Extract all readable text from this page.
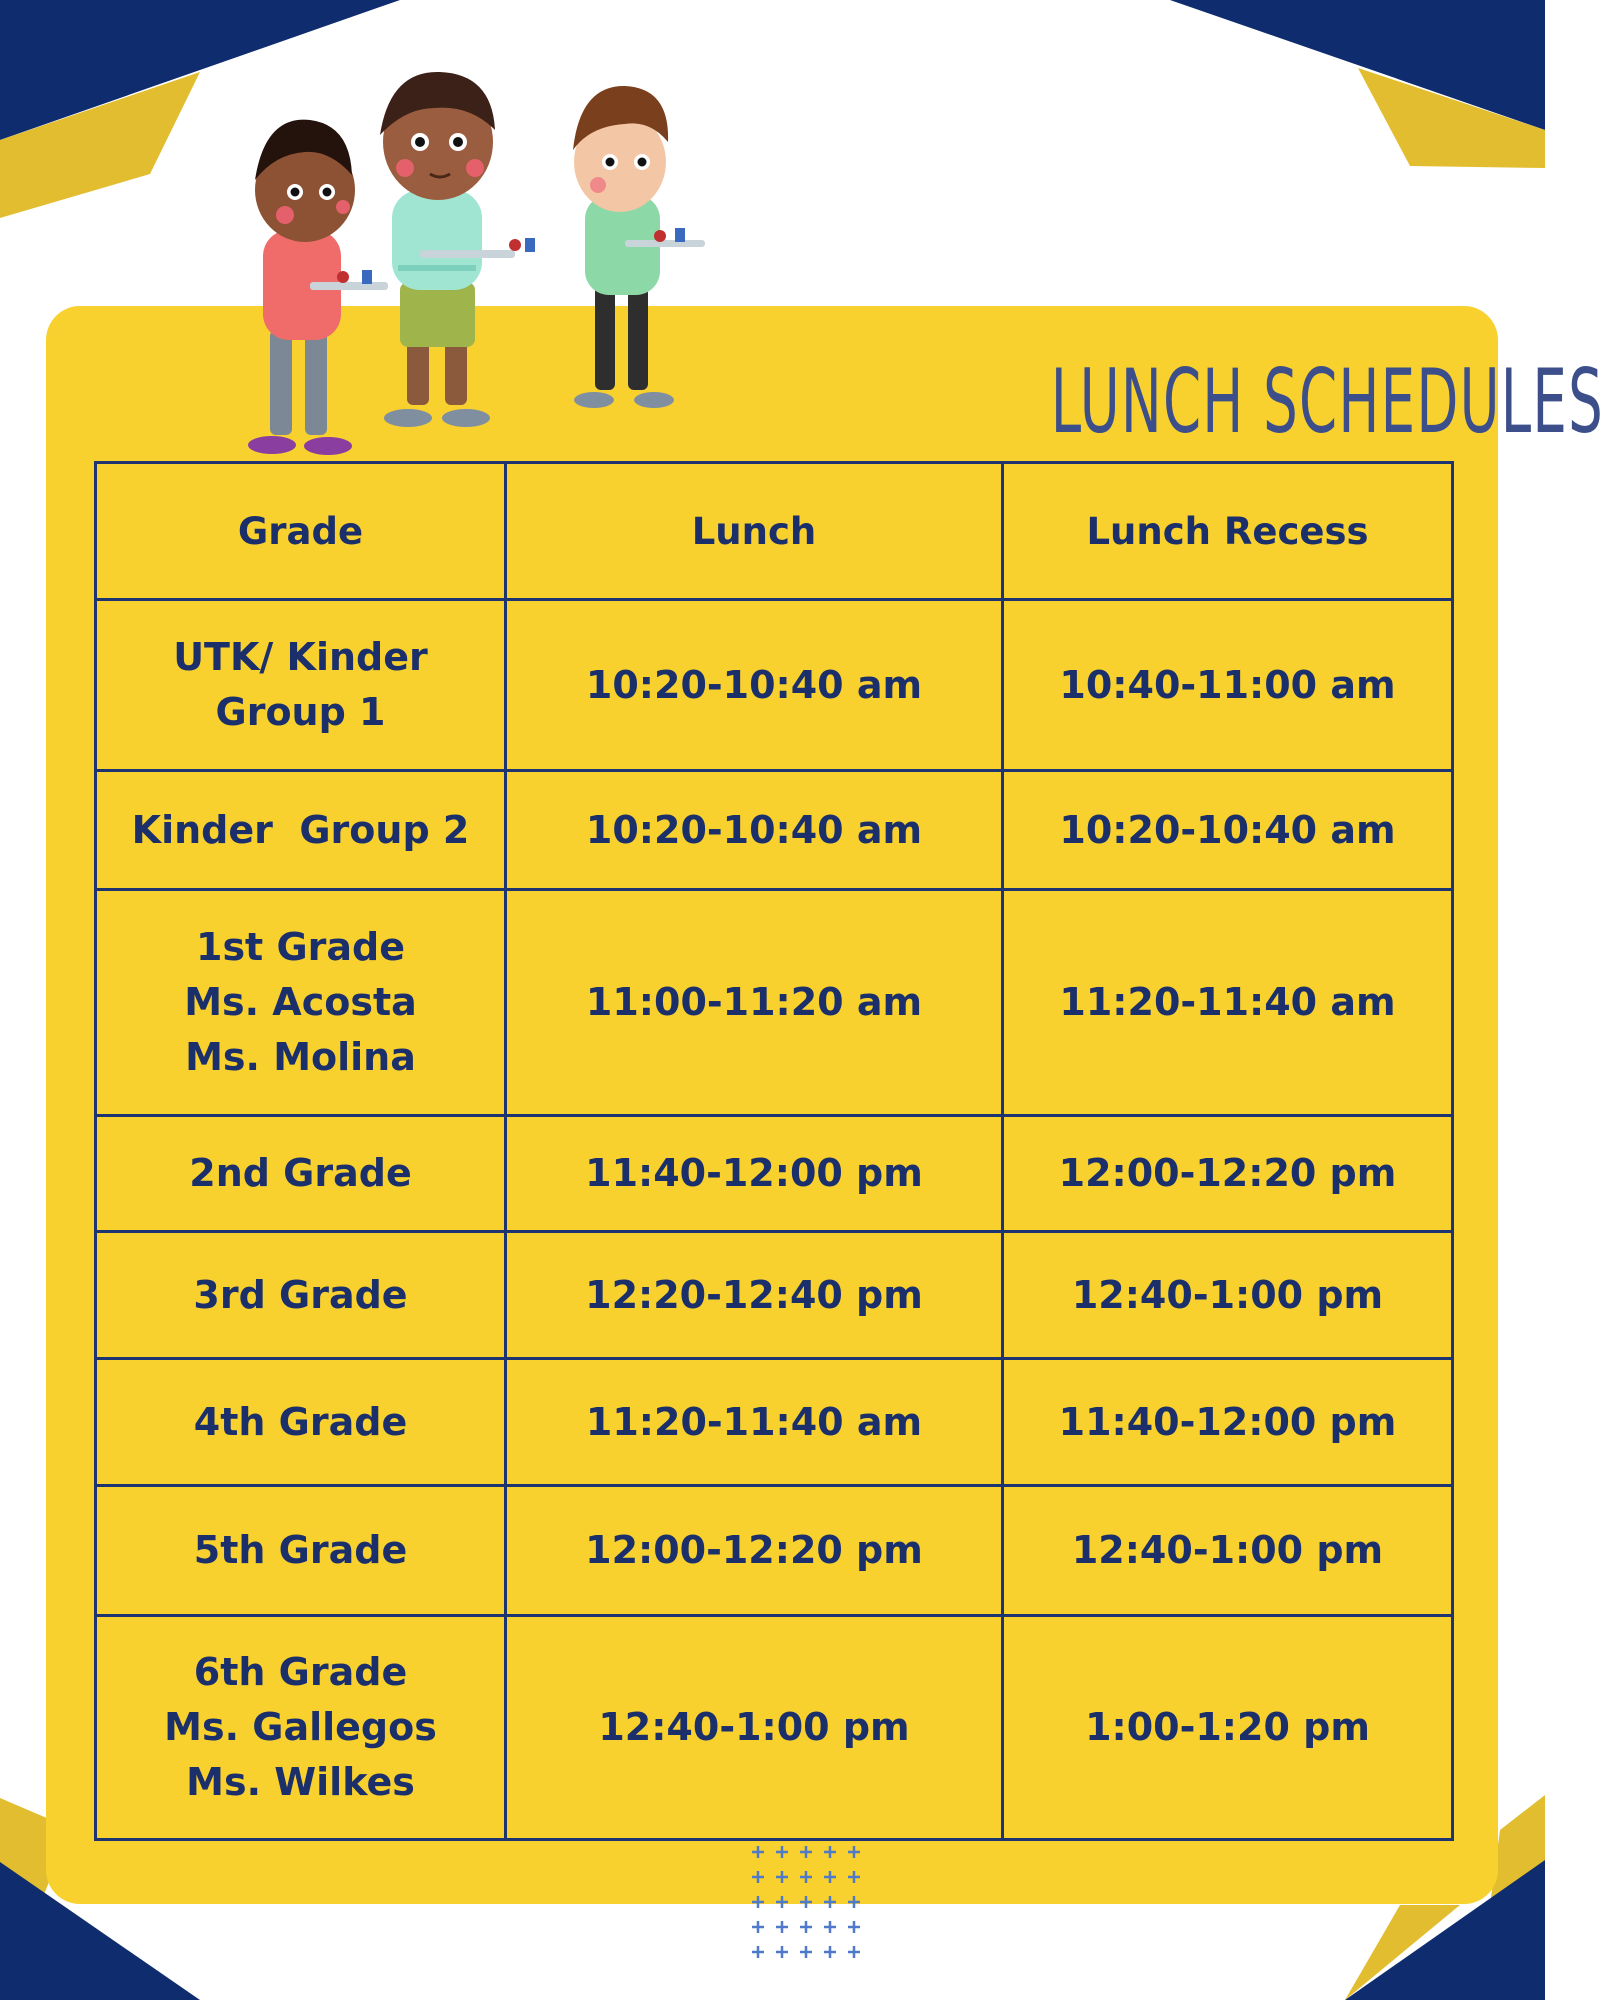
LUNCH SCHEDULES
Grade	Lunch	Lunch Recess

UTK/ Kinder
Group 1	10:20-10:40 am	10:40-11:00 am

Kinder  Group 2	10:20-10:40 am	10:20-10:40 am

1st Grade
Ms. Acosta
Ms. Molina	11:00-11:20 am	11:20-11:40 am

2nd Grade	11:40-12:00 pm	12:00-12:20 pm

3rd Grade	12:20-12:40 pm	12:40-1:00 pm

4th Grade	11:20-11:40 am	11:40-12:00 pm

5th Grade	12:00-12:20 pm	12:40-1:00 pm

6th Grade
Ms. Gallegos
Ms. Wilkes	12:40-1:00 pm	1:00-1:20 pm
